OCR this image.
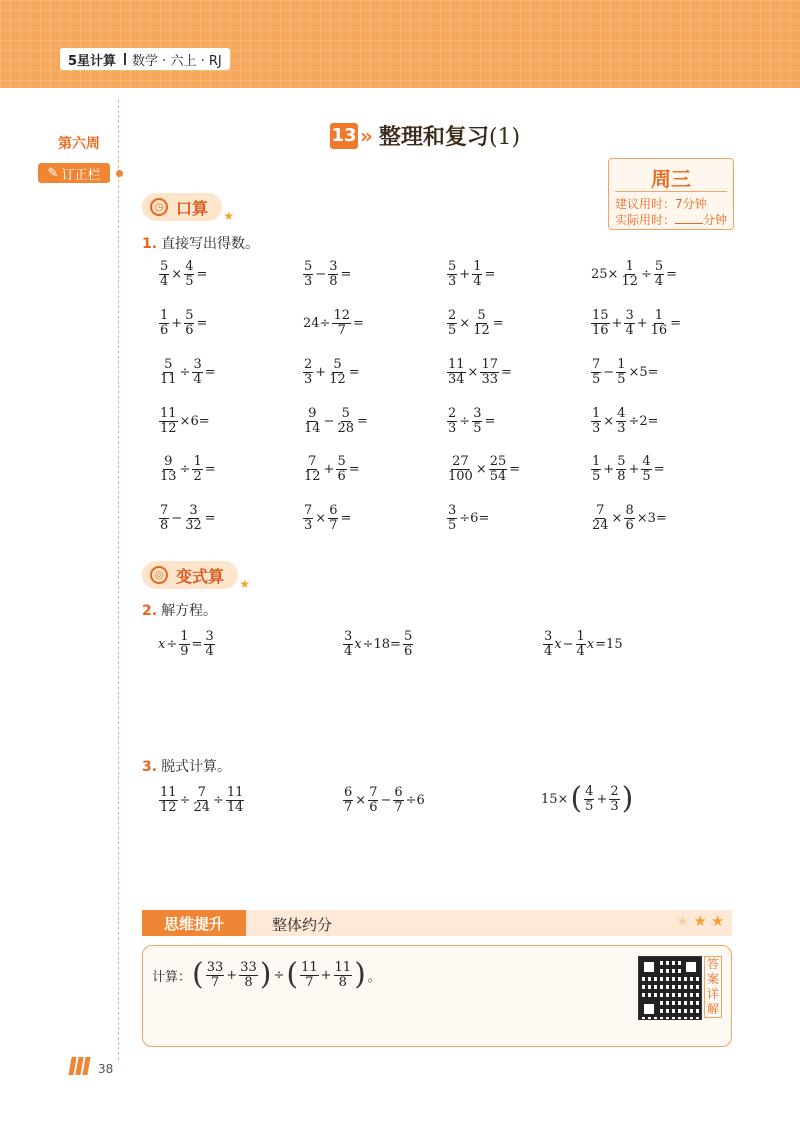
5星计算 数学 · 六上 · RJ
第六周
✎ 订正栏
13 » 整理和复习(1)
周三
建议用时：7分钟
实际用时： 分钟
◷ 口算 ★
1. 直接写出得数。
$\frac{5}{4} \times \frac{4}{5}$ =	$\frac{5}{3} - \frac{3}{8}$ =	$\frac{5}{3} + \frac{1}{4}$ =	$25\times \frac{1}{12} \div \frac{5}{4}$ =
$\frac{1}{6} + \frac{5}{6}$ =	$24\div \frac{12}{7}$ =	$\frac{2}{5} \times \frac{5}{12}$ =	$\frac{15}{16} + \frac{3}{4} + \frac{1}{16}$ =
$\frac{5}{11} \div \frac{3}{4}$ =	$\frac{2}{3} + \frac{5}{12}$ =	$\frac{11}{34} \times \frac{17}{33}$ =	$\frac{7}{5} - \frac{1}{5} \times 5=$
$\frac{11}{12} \times 6=$	$\frac{9}{14} - \frac{5}{28}$ =	$\frac{2}{3} \div \frac{3}{5}$ =	$\frac{1}{3} \times \frac{4}{3} \div 2=$
$\frac{9}{13} \div \frac{1}{2}$ =	$\frac{7}{12} + \frac{5}{6}$ =	$\frac{27}{100} \times \frac{25}{54}$ =	$\frac{1}{5} + \frac{5}{8} + \frac{4}{5}$ =
$\frac{7}{8} - \frac{3}{32}$ =	$\frac{7}{3} \times \frac{6}{7}$ =	$\frac{3}{5} \div 6=$	$\frac{7}{24} \times \frac{8}{6} \times 3=$
◎ 变式算 ★
2. 解方程。
$x \div \frac{1}{9} = \frac{3}{4}$	$\frac{3}{4}$ $x \div 18= \frac{5}{6}$	$\frac{3}{4}$ $x - \frac{1}{4}$ x =15
3. 脱式计算。
$\frac{11}{12} \div \frac{7}{24} \div \frac{11}{14}$	$\frac{6}{7} \times \frac{7}{6} - \frac{6}{7} \div 6$	15× ( $\frac{4}{5} + \frac{2}{3}$ )
思维提升	整体约分	★★★
计算： ( $\frac{33}{7} + \frac{33}{8}$ ) ÷ ( $\frac{11}{7} + \frac{11}{8}$ ) 。
答案详解
38
